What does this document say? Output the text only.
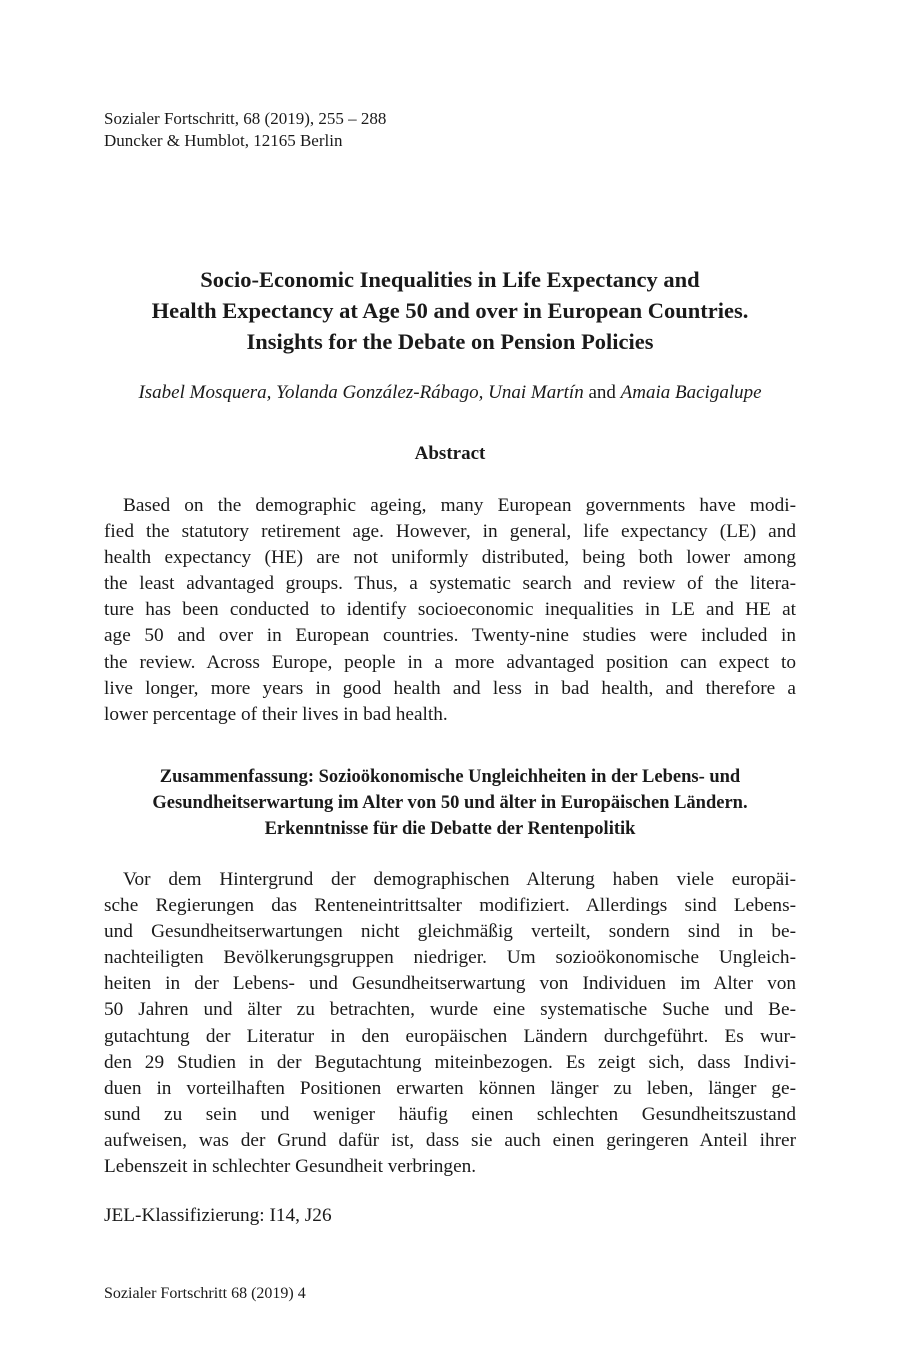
Sozialer Fortschritt, 68 (2019), 255 – 288
Duncker & Humblot, 12165 Berlin
Socio-Economic Inequalities in Life Expectancy and
Health Expectancy at Age 50 and over in European Countries.
Insights for the Debate on Pension Policies
Isabel Mosquera, Yolanda González-Rábago, Unai Martín and Amaia Bacigalupe
Abstract
Based on the demographic ageing, many European governments have modi-
fied the statutory retirement age. However, in general, life expectancy (LE) and
health expectancy (HE) are not uniformly distributed, being both lower among
the least advantaged groups. Thus, a systematic search and review of the litera-
ture has been conducted to identify socioeconomic inequalities in LE and HE at
age 50 and over in European countries. Twenty-nine studies were included in
the review. Across Europe, people in a more advantaged position can expect to
live longer, more years in good health and less in bad health, and therefore a
lower percentage of their lives in bad health.
Zusammenfassung: Sozioökonomische Ungleichheiten in der Lebens- und
Gesundheitserwartung im Alter von 50 und älter in Europäischen Ländern.
Erkenntnisse für die Debatte der Rentenpolitik
Vor dem Hintergrund der demographischen Alterung haben viele europäi-
sche Regierungen das Renteneintrittsalter modifiziert. Allerdings sind Lebens-
und Gesundheitserwartungen nicht gleichmäßig verteilt, sondern sind in be-
nachteiligten Bevölkerungsgruppen niedriger. Um sozioökonomische Ungleich-
heiten in der Lebens- und Gesundheitserwartung von Individuen im Alter von
50 Jahren und älter zu betrachten, wurde eine systematische Suche und Be-
gutachtung der Literatur in den europäischen Ländern durchgeführt. Es wur-
den 29 Studien in der Begutachtung miteinbezogen. Es zeigt sich, dass Indivi-
duen in vorteilhaften Positionen erwarten können länger zu leben, länger ge-
sund zu sein und weniger häufig einen schlechten Gesundheitszustand
aufweisen, was der Grund dafür ist, dass sie auch einen geringeren Anteil ihrer
Lebenszeit in schlechter Gesundheit verbringen.
JEL-Klassifizierung: I14, J26
Sozialer Fortschritt 68 (2019) 4
